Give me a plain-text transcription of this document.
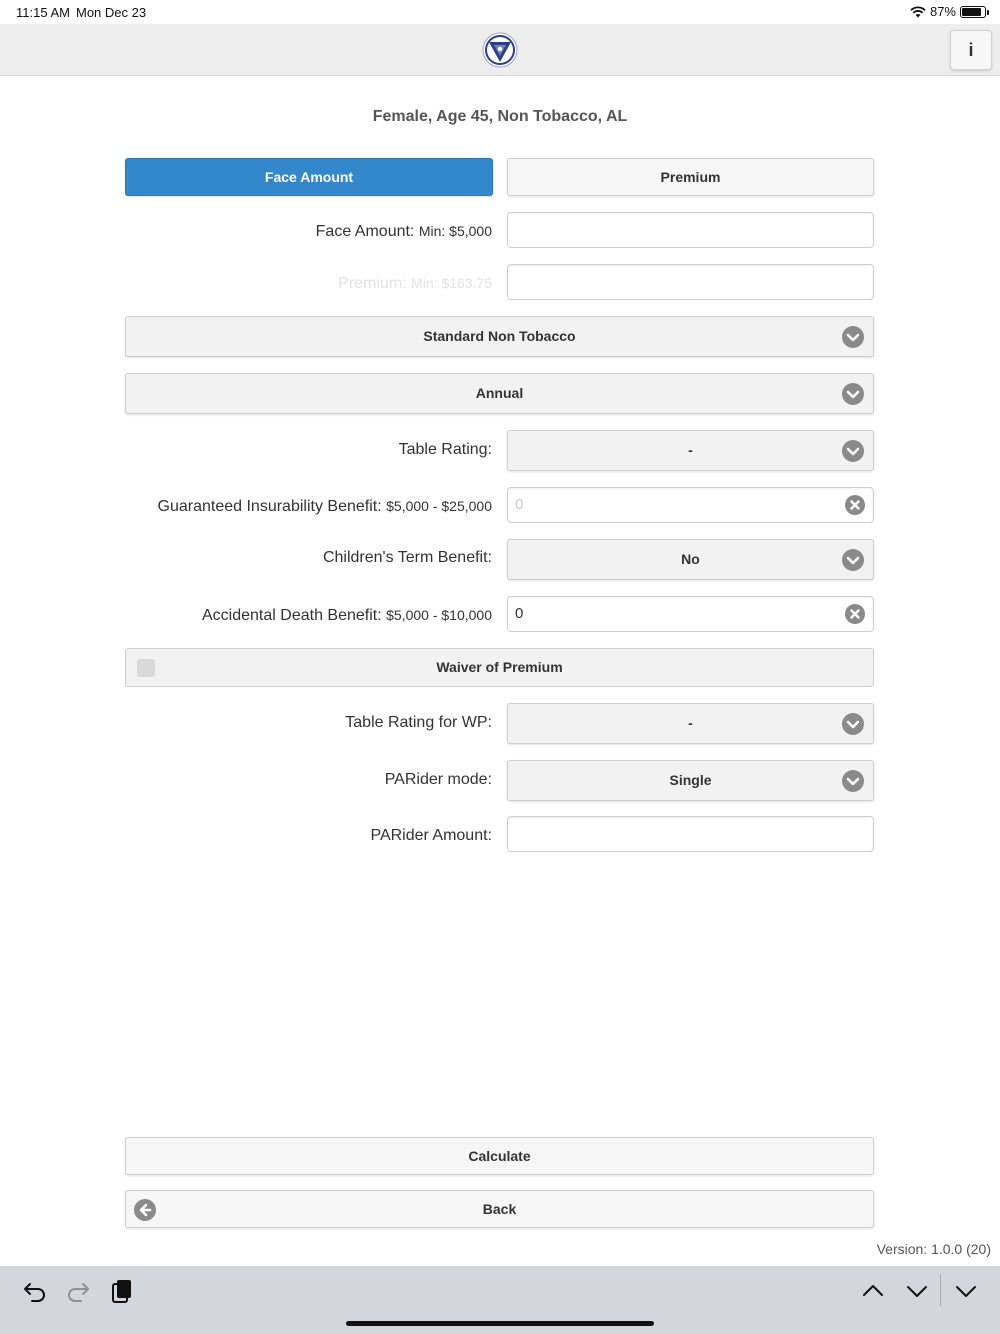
11:15 AM Mon Dec 23	87%
i
Female, Age 45, Non Tobacco, AL
Face Amount	Premium
Face Amount: Min: $5,000
Premium: Min: $163.75
Standard Non Tobacco
Annual
Table Rating:	-
Guaranteed Insurability Benefit: $5,000 - $25,000	0
Children's Term Benefit:	No
Accidental Death Benefit: $5,000 - $10,000	0
Waiver of Premium
Table Rating for WP:	-
PARider mode:	Single
PARider Amount:
Calculate
Back
Version: 1.0.0 (20)
